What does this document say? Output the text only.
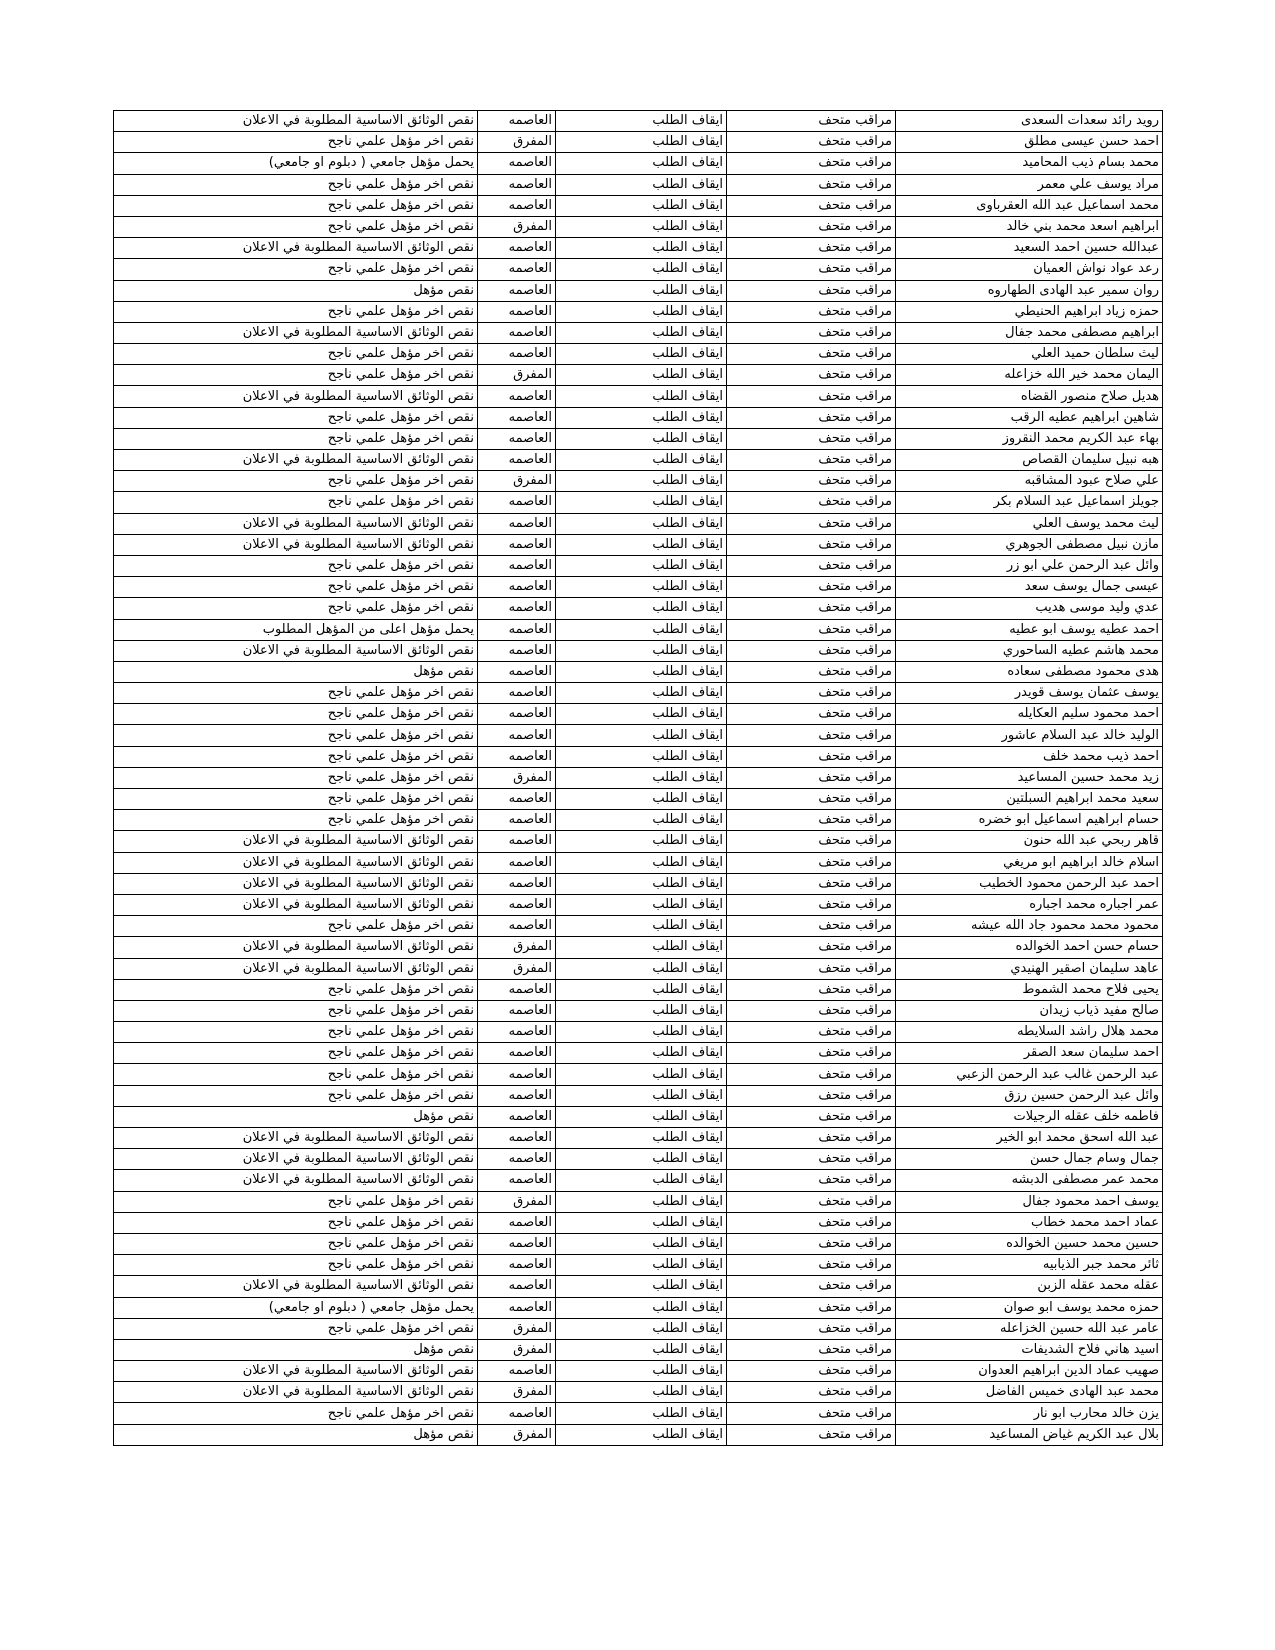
رويد رائد سعدات السعدى	مراقب متحف	ايقاف الطلب	العاصمه	نقص الوثائق الاساسية المطلوبة في الاعلان
احمد حسن عيسى مطلق	مراقب متحف	ايقاف الطلب	المفرق	نقص اخر مؤهل علمي ناجح
محمد بسام ذيب المحاميد	مراقب متحف	ايقاف الطلب	العاصمه	يحمل مؤهل جامعي ( دبلوم او جامعي)
مراد يوسف علي معمر	مراقب متحف	ايقاف الطلب	العاصمه	نقص اخر مؤهل علمي ناجح
محمد اسماعيل عبد الله العقرباوى	مراقب متحف	ايقاف الطلب	العاصمه	نقص اخر مؤهل علمي ناجح
ابراهيم اسعد محمد بني خالد	مراقب متحف	ايقاف الطلب	المفرق	نقص اخر مؤهل علمي ناجح
عبدالله حسين احمد السعيد	مراقب متحف	ايقاف الطلب	العاصمه	نقص الوثائق الاساسية المطلوبة في الاعلان
رعد عواد نواش العميان	مراقب متحف	ايقاف الطلب	العاصمه	نقص اخر مؤهل علمي ناجح
روان سمير عبد الهادى الطهاروه	مراقب متحف	ايقاف الطلب	العاصمه	نقص مؤهل
حمزه زياد ابراهيم الحنيطي	مراقب متحف	ايقاف الطلب	العاصمه	نقص اخر مؤهل علمي ناجح
ابراهيم مصطفى محمد جفال	مراقب متحف	ايقاف الطلب	العاصمه	نقص الوثائق الاساسية المطلوبة في الاعلان
ليث سلطان حميد العلي	مراقب متحف	ايقاف الطلب	العاصمه	نقص اخر مؤهل علمي ناجح
اليمان محمد خير الله خزاعله	مراقب متحف	ايقاف الطلب	المفرق	نقص اخر مؤهل علمي ناجح
هديل صلاح منصور القضاه	مراقب متحف	ايقاف الطلب	العاصمه	نقص الوثائق الاساسية المطلوبة في الاعلان
شاهين ابراهيم عطيه الرقب	مراقب متحف	ايقاف الطلب	العاصمه	نقص اخر مؤهل علمي ناجح
بهاء عبد الكريم محمد النقروز	مراقب متحف	ايقاف الطلب	العاصمه	نقص اخر مؤهل علمي ناجح
هبه نبيل سليمان القصاص	مراقب متحف	ايقاف الطلب	العاصمه	نقص الوثائق الاساسية المطلوبة في الاعلان
علي صلاح عبود المشاقبه	مراقب متحف	ايقاف الطلب	المفرق	نقص اخر مؤهل علمي ناجح
جويلز اسماعيل عبد السلام بكر	مراقب متحف	ايقاف الطلب	العاصمه	نقص اخر مؤهل علمي ناجح
ليث محمد يوسف العلي	مراقب متحف	ايقاف الطلب	العاصمه	نقص الوثائق الاساسية المطلوبة في الاعلان
مازن نبيل مصطفى الجوهري	مراقب متحف	ايقاف الطلب	العاصمه	نقص الوثائق الاساسية المطلوبة في الاعلان
وائل عبد الرحمن علي ابو زر	مراقب متحف	ايقاف الطلب	العاصمه	نقص اخر مؤهل علمي ناجح
عيسى جمال يوسف سعد	مراقب متحف	ايقاف الطلب	العاصمه	نقص اخر مؤهل علمي ناجح
عدي وليد موسى هديب	مراقب متحف	ايقاف الطلب	العاصمه	نقص اخر مؤهل علمي ناجح
احمد عطيه يوسف ابو عطيه	مراقب متحف	ايقاف الطلب	العاصمه	يحمل مؤهل اعلى من المؤهل المطلوب
محمد هاشم عطيه الساحوري	مراقب متحف	ايقاف الطلب	العاصمه	نقص الوثائق الاساسية المطلوبة في الاعلان
هدى محمود مصطفى سعاده	مراقب متحف	ايقاف الطلب	العاصمه	نقص مؤهل
يوسف عثمان يوسف قويدر	مراقب متحف	ايقاف الطلب	العاصمه	نقص اخر مؤهل علمي ناجح
احمد محمود سليم العكايله	مراقب متحف	ايقاف الطلب	العاصمه	نقص اخر مؤهل علمي ناجح
الوليد خالد عبد السلام عاشور	مراقب متحف	ايقاف الطلب	العاصمه	نقص اخر مؤهل علمي ناجح
احمد ذيب محمد خلف	مراقب متحف	ايقاف الطلب	العاصمه	نقص اخر مؤهل علمي ناجح
زيد محمد حسين المساعيد	مراقب متحف	ايقاف الطلب	المفرق	نقص اخر مؤهل علمي ناجح
سعيد محمد ابراهيم السبلتين	مراقب متحف	ايقاف الطلب	العاصمه	نقص اخر مؤهل علمي ناجح
حسام ابراهيم اسماعيل ابو خضره	مراقب متحف	ايقاف الطلب	العاصمه	نقص اخر مؤهل علمي ناجح
قاهر ربحي عبد الله حنون	مراقب متحف	ايقاف الطلب	العاصمه	نقص الوثائق الاساسية المطلوبة في الاعلان
اسلام خالد ابراهيم ابو مريغي	مراقب متحف	ايقاف الطلب	العاصمه	نقص الوثائق الاساسية المطلوبة في الاعلان
احمد عبد الرحمن محمود الخطيب	مراقب متحف	ايقاف الطلب	العاصمه	نقص الوثائق الاساسية المطلوبة في الاعلان
عمر اجباره محمد اجباره	مراقب متحف	ايقاف الطلب	العاصمه	نقص الوثائق الاساسية المطلوبة في الاعلان
محمود محمد محمود جاد الله عيشه	مراقب متحف	ايقاف الطلب	العاصمه	نقص اخر مؤهل علمي ناجح
حسام حسن احمد الخوالده	مراقب متحف	ايقاف الطلب	المفرق	نقص الوثائق الاساسية المطلوبة في الاعلان
عاهد سليمان اصقير الهنيدي	مراقب متحف	ايقاف الطلب	المفرق	نقص الوثائق الاساسية المطلوبة في الاعلان
يحيى فلاح محمد الشموط	مراقب متحف	ايقاف الطلب	العاصمه	نقص اخر مؤهل علمي ناجح
صالح مفيد ذياب زيدان	مراقب متحف	ايقاف الطلب	العاصمه	نقص اخر مؤهل علمي ناجح
محمد هلال راشد السلايطه	مراقب متحف	ايقاف الطلب	العاصمه	نقص اخر مؤهل علمي ناجح
احمد سليمان سعد الصقر	مراقب متحف	ايقاف الطلب	العاصمه	نقص اخر مؤهل علمي ناجح
عبد الرحمن غالب عبد الرحمن الزعبي	مراقب متحف	ايقاف الطلب	العاصمه	نقص اخر مؤهل علمي ناجح
وائل عبد الرحمن حسين رزق	مراقب متحف	ايقاف الطلب	العاصمه	نقص اخر مؤهل علمي ناجح
فاطمه خلف عقله الرجيلات	مراقب متحف	ايقاف الطلب	العاصمه	نقص مؤهل
عبد الله اسحق محمد ابو الخير	مراقب متحف	ايقاف الطلب	العاصمه	نقص الوثائق الاساسية المطلوبة في الاعلان
جمال وسام جمال حسن	مراقب متحف	ايقاف الطلب	العاصمه	نقص الوثائق الاساسية المطلوبة في الاعلان
محمد عمر مصطفى الدبشه	مراقب متحف	ايقاف الطلب	العاصمه	نقص الوثائق الاساسية المطلوبة في الاعلان
يوسف احمد محمود جفال	مراقب متحف	ايقاف الطلب	المفرق	نقص اخر مؤهل علمي ناجح
عماد احمد محمد خطاب	مراقب متحف	ايقاف الطلب	العاصمه	نقص اخر مؤهل علمي ناجح
حسين محمد حسين الخوالده	مراقب متحف	ايقاف الطلب	العاصمه	نقص اخر مؤهل علمي ناجح
ثائر محمد جبر الذيابيه	مراقب متحف	ايقاف الطلب	العاصمه	نقص اخر مؤهل علمي ناجح
عقله محمد عقله الزبن	مراقب متحف	ايقاف الطلب	العاصمه	نقص الوثائق الاساسية المطلوبة في الاعلان
حمزه محمد يوسف ابو صوان	مراقب متحف	ايقاف الطلب	العاصمه	يحمل مؤهل جامعي ( دبلوم او جامعي)
عامر عبد الله حسين الخزاعله	مراقب متحف	ايقاف الطلب	المفرق	نقص اخر مؤهل علمي ناجح
اسيد هاني فلاح الشديفات	مراقب متحف	ايقاف الطلب	المفرق	نقص مؤهل
صهيب عماد الدين ابراهيم العدوان	مراقب متحف	ايقاف الطلب	العاصمه	نقص الوثائق الاساسية المطلوبة في الاعلان
محمد عبد الهادى خميس الفاضل	مراقب متحف	ايقاف الطلب	المفرق	نقص الوثائق الاساسية المطلوبة في الاعلان
يزن خالد محارب ابو نار	مراقب متحف	ايقاف الطلب	العاصمه	نقص اخر مؤهل علمي ناجح
بلال عبد الكريم غياض المساعيد	مراقب متحف	ايقاف الطلب	المفرق	نقص مؤهل
